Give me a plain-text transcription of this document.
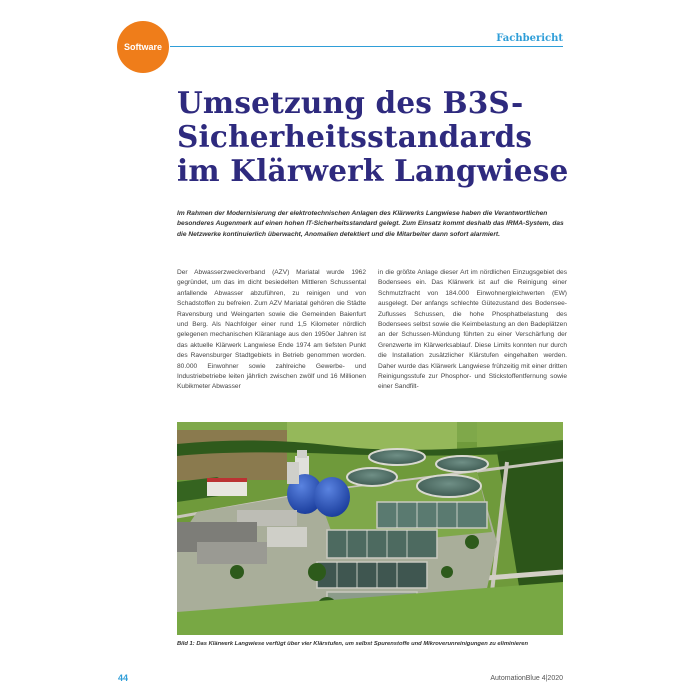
Software
Fachbericht
Umsetzung des B3S-Sicherheitsstandards im Klärwerk Langwiese
Im Rahmen der Modernisierung der elektrotechnischen Anlagen des Klärwerks Langwiese haben die Verantwortlichen besonderes Augenmerk auf einen hohen IT-Sicherheitsstandard gelegt. Zum Einsatz kommt deshalb das IRMA-System, das die Netzwerke kontinuierlich überwacht, Anomalien detektiert und die Mitarbeiter dann sofort alarmiert.
Der Abwasserzweckverband (AZV) Mariatal wurde 1962 gegründet, um das im dicht besiedelten Mittleren Schussental anfallende Abwasser abzuführen, zu reinigen und von Schadstoffen zu befreien. Zum AZV Mariatal gehören die Städte Ravensburg und Weingarten sowie die Gemeinden Baienfurt und Berg. Als Nachfolger einer rund 1,5 Kilometer nördlich gelegenen mechanischen Kläranlage aus den 1950er Jahren ist das aktuelle Klärwerk Langwiese Ende 1974 am tiefsten Punkt des Ravensburger Stadtgebiets in Betrieb genommen worden. 80.000 Einwohner sowie zahlreiche Gewerbe- und Industriebetriebe leiten jährlich zwischen zwölf und 16 Millionen Kubikmeter Abwasser
in die größte Anlage dieser Art im nördlichen Einzugsgebiet des Bodensees ein. Das Klärwerk ist auf die Reinigung einer Schmutzfracht von 184.000 Einwohnergleichwerten (EW) ausgelegt. Der anfangs schlechte Gütezustand des Bodensee-Zuflusses Schussen, die hohe Phosphatbelastung des Bodensees selbst sowie die Keimbelastung an den Badeplätzen an der Schussen-Mündung führten zu einer Verschärfung der Grenzwerte im Klärwerksablauf. Diese Limits konnten nur durch die Installation zusätzlicher Klärstufen eingehalten werden. Daher wurde das Klärwerk Langwiese frühzeitig mit einer dritten Reinigungsstufe zur Phosphor- und Stickstoffentfernung sowie einer Sandfilt-
Bild 1: Das Klärwerk Langwiese verfügt über vier Klärstufen, um selbst Spurenstoffe und Mikroverunreinigungen zu eliminieren
44	AutomationBlue 4|2020
